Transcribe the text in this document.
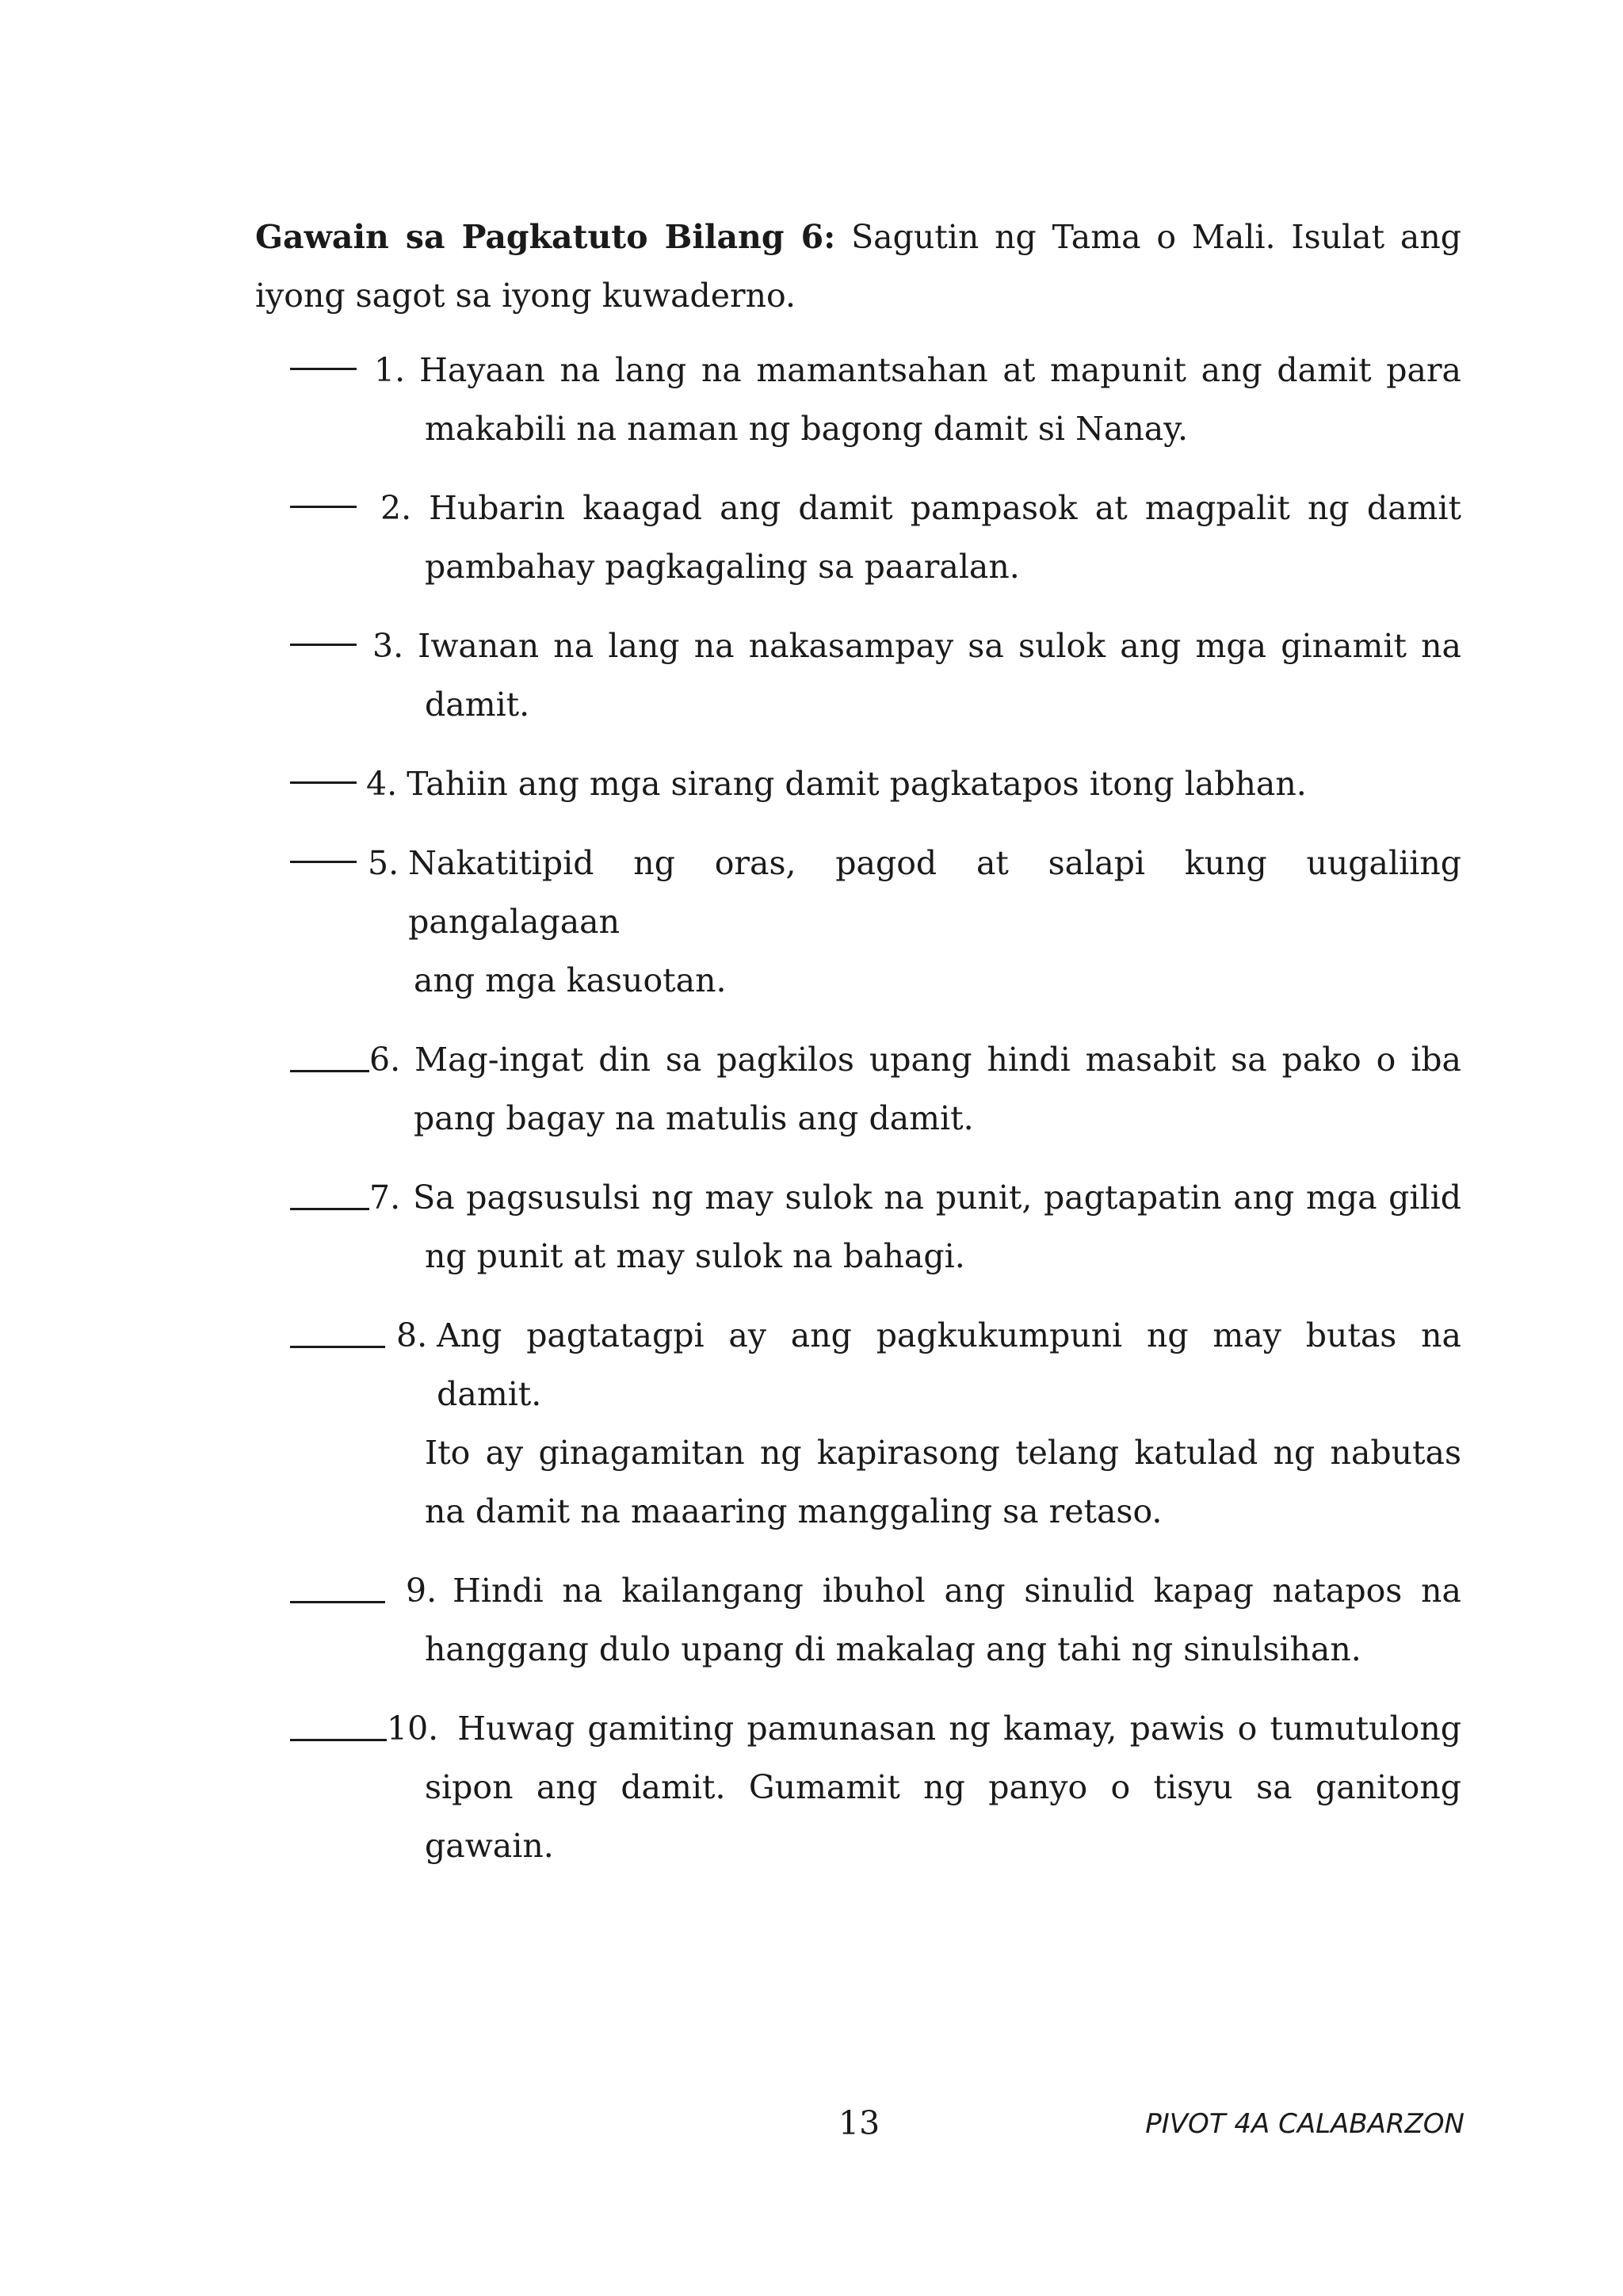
Gawain sa Pagkatuto Bilang 6: Sagutin ng Tama o Mali. Isulat ang iyong sagot sa iyong kuwaderno.
1. Hayaan na lang na mamantsahan at mapunit ang damit para
makabili na naman ng bagong damit si Nanay.
2. Hubarin kaagad ang damit pampasok at magpalit ng damit
pambahay pagkagaling sa paaralan.
3. Iwanan na lang na nakasampay sa sulok ang mga ginamit na
damit.
4. Tahiin ang mga sirang damit pagkatapos itong labhan.
5. Nakatitipid ng oras, pagod at salapi kung uugaliing pangalagaan
ang mga kasuotan.
6. Mag-ingat din sa pagkilos upang hindi masabit sa pako o iba
pang bagay na matulis ang damit.
7. Sa pagsusulsi ng may sulok na punit, pagtapatin ang mga gilid
ng punit at may sulok na bahagi.
8. Ang pagtatagpi ay ang pagkukumpuni ng may butas na damit.
Ito ay ginagamitan ng kapirasong telang katulad ng nabutas na damit na maaaring manggaling sa retaso.
9. Hindi na kailangang ibuhol ang sinulid kapag natapos na
hanggang dulo upang di makalag ang tahi ng sinulsihan.
10. Huwag gamiting pamunasan ng kamay, pawis o tumutulong
sipon ang damit. Gumamit ng panyo o tisyu sa ganitong gawain.
13	PIVOT 4A CALABARZON
